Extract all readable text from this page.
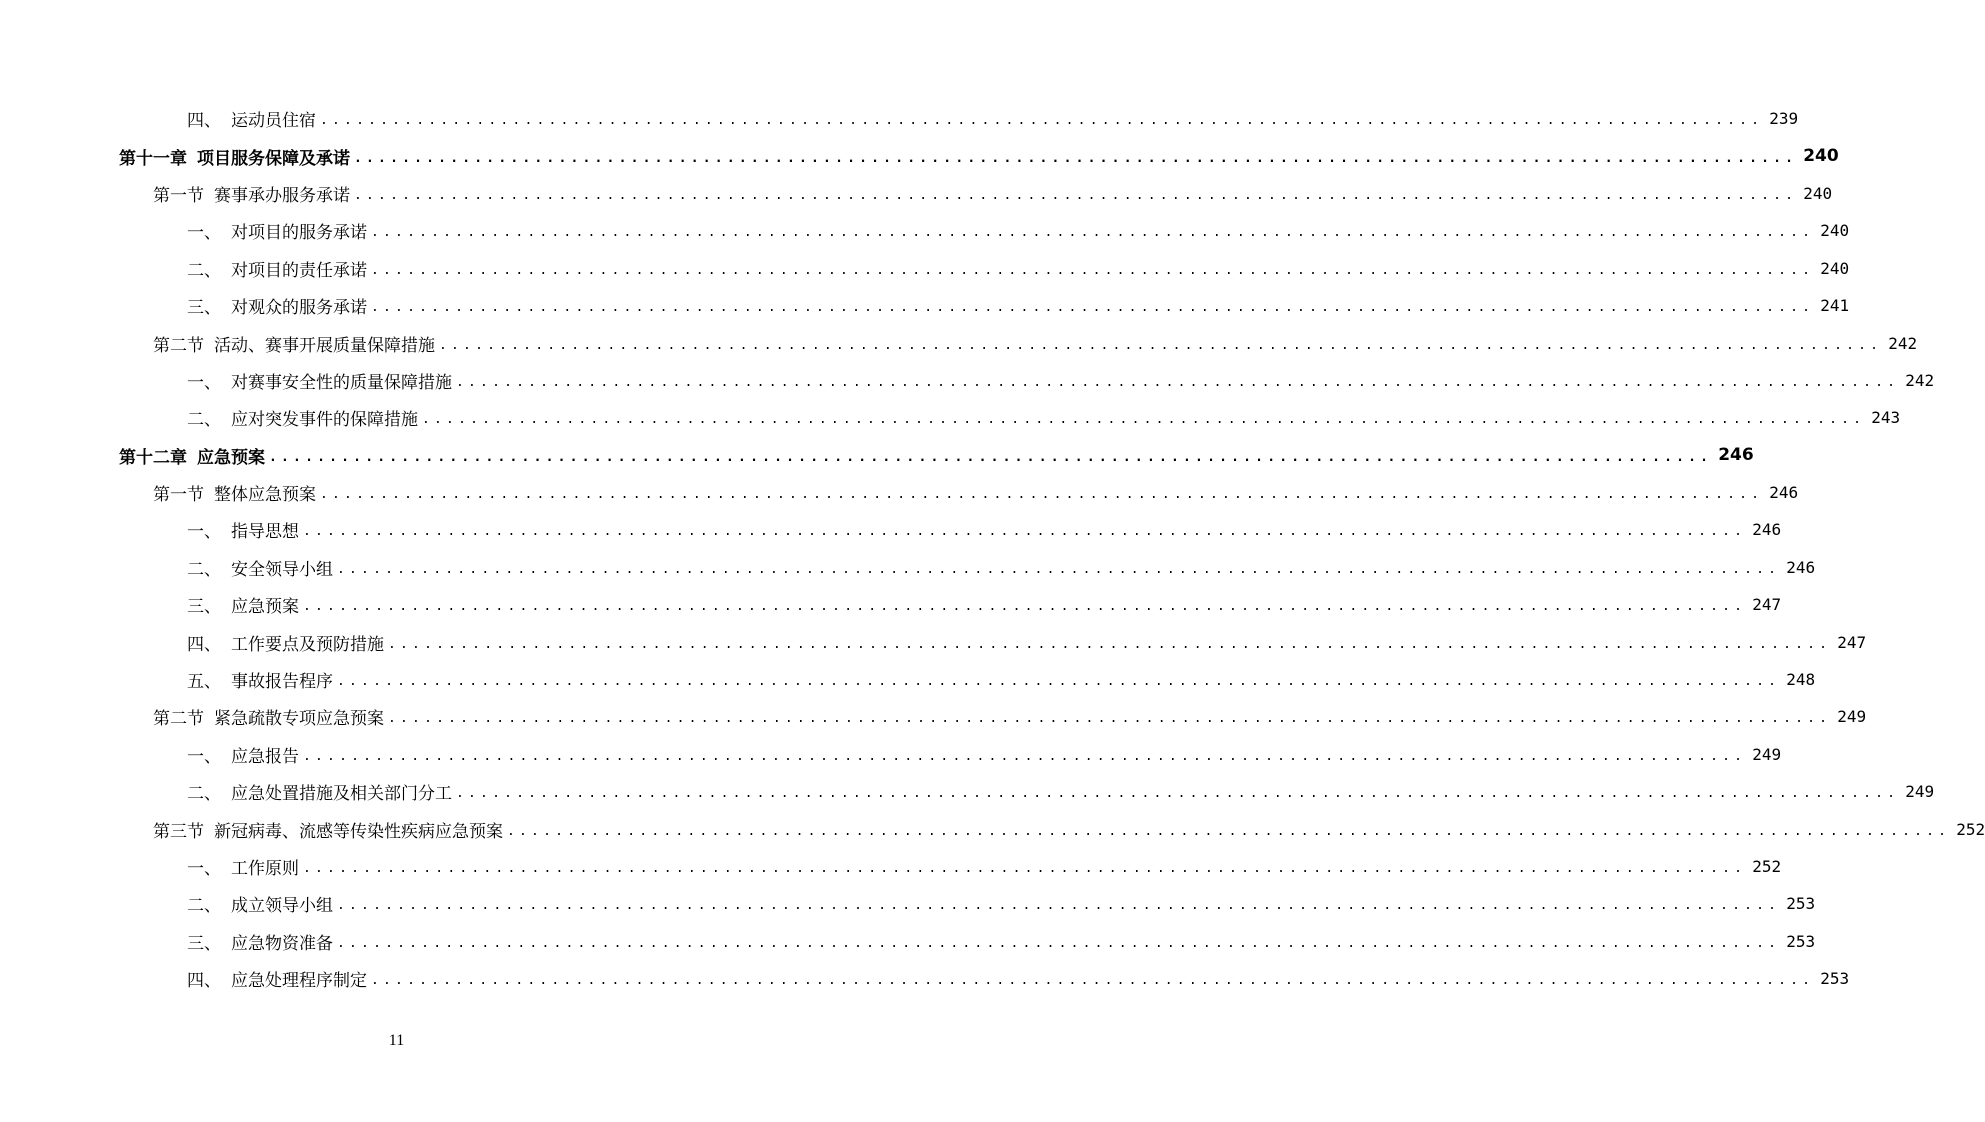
四、 运动员住宿 ........................................................................................................................ 239
第十一章 项目服务保障及承诺 ........................................................................................................................ 240
第一节 赛事承办服务承诺 ........................................................................................................................ 240
一、 对项目的服务承诺 ........................................................................................................................ 240
二、 对项目的责任承诺 ........................................................................................................................ 240
三、 对观众的服务承诺 ........................................................................................................................ 241
第二节 活动、赛事开展质量保障措施 ........................................................................................................................ 242
一、 对赛事安全性的质量保障措施 ........................................................................................................................ 242
二、 应对突发事件的保障措施 ........................................................................................................................ 243
第十二章 应急预案 ........................................................................................................................ 246
第一节 整体应急预案 ........................................................................................................................ 246
一、 指导思想 ........................................................................................................................ 246
二、 安全领导小组 ........................................................................................................................ 246
三、 应急预案 ........................................................................................................................ 247
四、 工作要点及预防措施 ........................................................................................................................ 247
五、 事故报告程序 ........................................................................................................................ 248
第二节 紧急疏散专项应急预案 ........................................................................................................................ 249
一、 应急报告 ........................................................................................................................ 249
二、 应急处置措施及相关部门分工 ........................................................................................................................ 249
第三节 新冠病毒、流感等传染性疾病应急预案 ........................................................................................................................ 252
一、 工作原则 ........................................................................................................................ 252
二、 成立领导小组 ........................................................................................................................ 253
三、 应急物资准备 ........................................................................................................................ 253
四、 应急处理程序制定 ........................................................................................................................ 253
11
